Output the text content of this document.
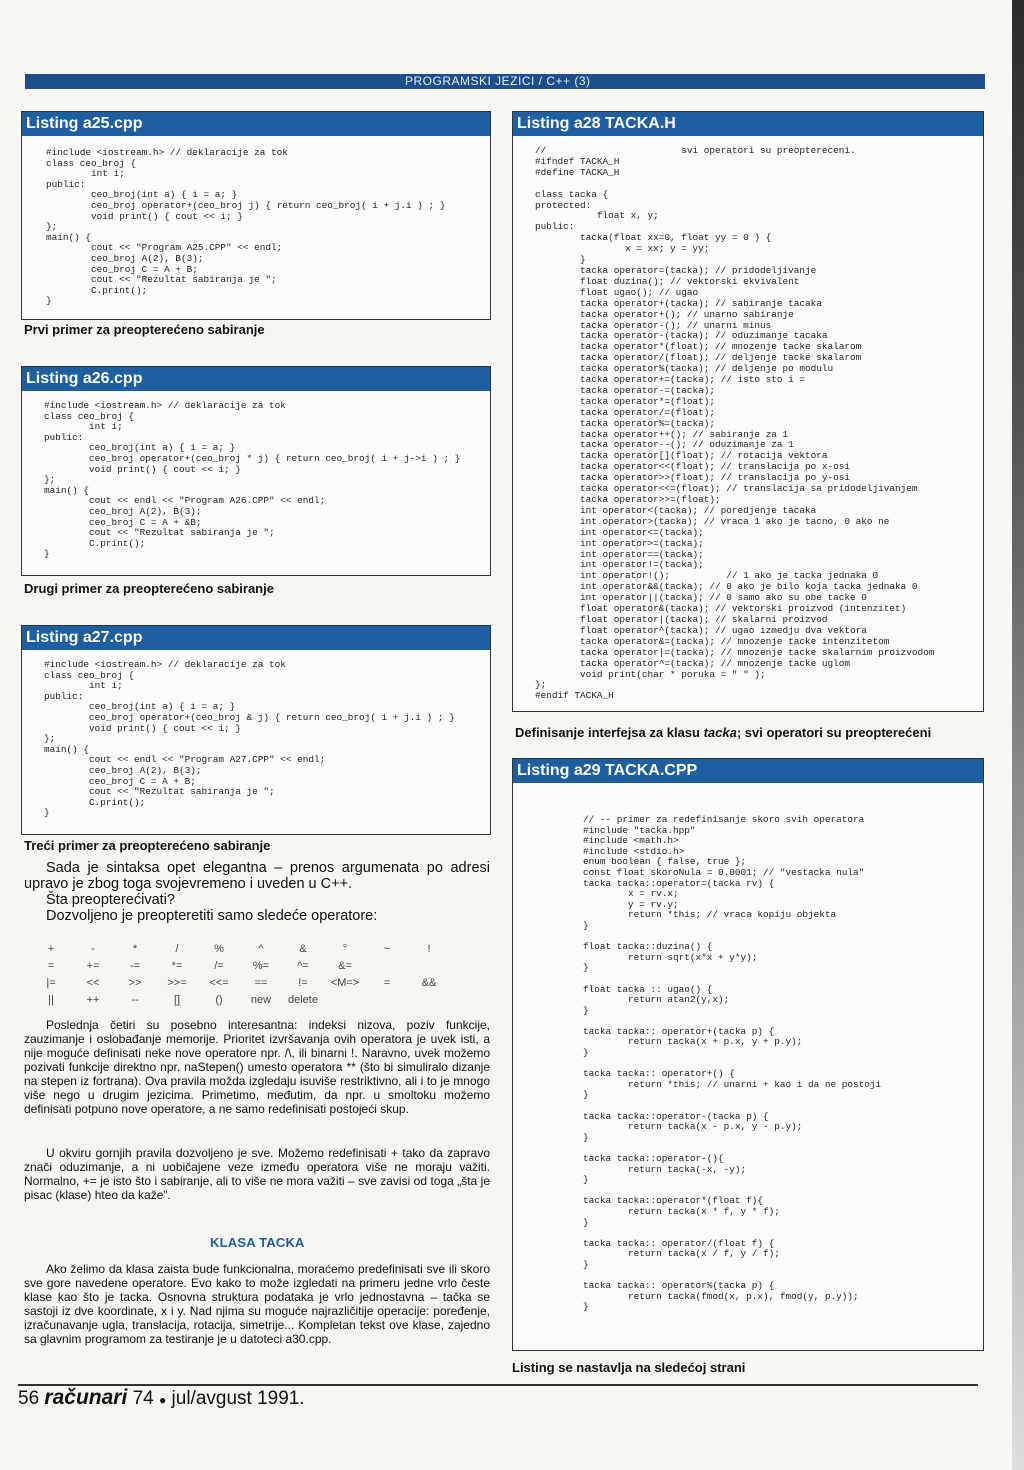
PROGRAMSKI JEZICI / C++ (3)
Listing a25.cpp
#include <iostream.h> // deklaracije za tok
class ceo_broj {
int i;
public:
ceo_broj(int a) { i = a; }
ceo_broj operator+(ceo_broj j) { return ceo_broj( i + j.i ) ; }
void print() { cout << i; }
};
main() {
cout << "Program A25.CPP" << endl;
ceo_broj A(2), B(3);
ceo_broj C = A + B;
cout << "Rezultat sabiranja je ";
C.print();
}
Prvi primer za preopterećeno sabiranje
Listing a26.cpp
#include <iostream.h> // deklaracije za tok
class ceo_broj {
int i;
public:
ceo_broj(int a) { i = a; }
ceo_broj operator+(ceo_broj * j) { return ceo_broj( i + j->i ) ; }
void print() { cout << i; }
};
main() {
cout << endl << "Program A26.CPP" << endl;
ceo_broj A(2), B(3);
ceo_broj C = A + &B;
cout << "Rezultat sabiranja je ";
C.print();
}
Drugi primer za preopterećeno sabiranje
Listing a27.cpp
#include <iostream.h> // deklaracije za tok
class ceo_broj {
int i;
public:
ceo_broj(int a) { i = a; }
ceo_broj operator+(ceo_broj & j) { return ceo_broj( i + j.i ) ; }
void print() { cout << i; }
};
main() {
cout << endl << "Program A27.CPP" << endl;
ceo_broj A(2), B(3);
ceo_broj C = A + B;
cout << "Rezultat sabiranja je ";
C.print();
}
Treći primer za preopterećeno sabiranje
Sada je sintaksa opet elegantna – prenos argumenata po adresi upravo je zbog toga svojevremeno i uveden u C++.
Šta preopterećivati?
Dozvoljeno je preopteretiti samo sledeće operatore:
+	-	*	/	%	^	&	°	~	!
=	+=	-=	*=	/=	%=	^=	&=		
|=	<<	>>	>>=	<<=	==	!=	<M=>	=	&&
||	++	--	[]	()	new	delete			

Poslednja četiri su posebno interesantna: indeksi nizova, poziv funkcije, zauzimanje i oslobađanje memorije. Prioritet izvršavanja ovih operatora je uvek isti, a nije moguće definisati neke nove operatore npr. /\, ili binarni !. Naravno, uvek možemo pozivati funkcije direktno npr. naStepen() umesto operatora ** (što bi simuliralo dizanje na stepen iz fortrana). Ova pravila možda izgledaju isuviše restriktivno, ali i to je mnogo više nego u drugim jezicima. Primetimo, međutim, da npr. u smoltoku možemo definisati potpuno nove operatore, a ne samo redefinisati postojeći skup.

U okviru gornjih pravila dozvoljeno je sve. Možemo redefinisati + tako da zapravo znači oduzimanje, a ni uobičajene veze između operatora više ne moraju važiti. Normalno, += je isto što i sabiranje, ali to više ne mora važiti – sve zavisi od toga „šta je pisac (klase) hteo da kaže”.

KLASA TACKA

Ako želimo da klasa zaista bude funkcionalna, moraćemo predefinisati sve ili skoro sve gore navedene operatore. Evo kako to može izgledati na primeru jedne vrlo česte klase kao što je tacka. Osnovna struktura podataka je vrlo jednostavna – tačka se sastoji iz dve koordinate, x i y. Nad njima su moguće najrazličitije operacije: poređenje, izračunavanje ugla, translacija, rotacija, simetrije... Kompletan tekst ove klase, zajedno sa glavnim programom za testiranje je u datoteci a30.cpp.

Listing a28 TACKA.H
//                        svi operatori su preoptereceni.
#ifndef TACKA_H
#define TACKA_H

class tacka {
protected:
float x, y;
public:
tacka(float xx=0, float yy = 0 ) {
x = xx; y = yy;
}
tacka operator=(tacka); // pridodeljivanje
float duzina(); // vektorski ekvivalent
float ugao(); // ugao
tacka operator+(tacka); // sabiranje tacaka
tacka operator+(); // unarno sabiranje
tacka operator-(); // unarni minus
tacka operator-(tacka); // oduzimanje tacaka
tacka operator*(float); // mnozenje tacke skalarom
tacka operator/(float); // deljenje tacke skalarom
tacka operator%(tacka); // deljenje po modulu
tacka operator+=(tacka); // isto sto i =
tacka operator-=(tacka);
tacka operator*=(float);
tacka operator/=(float);
tacka operator%=(tacka);
tacka operator++(); // sabiranje za 1
tacka operator--(); // oduzimanje za 1
tacka operator[](float); // rotacija vektora
tacka operator<<(float); // translacija po x-osi
tacka operator>>(float); // translacija po y-osi
tacka operator<<=(float); // translacija sa pridodeljivanjem
tacka operator>>=(float);
int operator<(tacka); // poredjenje tacaka
int operator>(tacka); // vraca 1 ako je tacno, 0 ako ne
int operator<=(tacka);
int operator>=(tacka);
int operator==(tacka);
int operator!=(tacka);
int operator!();          // 1 ako je tacka jednaka 0
int operator&&(tacka); // 0 ako je bilo koja tacka jednaka 0
int operator||(tacka); // 0 samo ako su obe tacke 0
float operator&(tacka); // vektorski proizvod (intenzitet)
float operator|(tacka); // skalarni proizvod
float operator^(tacka); // ugao izmedju dva vektora
tacka operator&=(tacka); // mnozenje tacke intenzitetom
tacka operator|=(tacka); // mnozenje tacke skalarnim proizvodom
tacka operator^=(tacka); // mnozenje tacke uglom
void print(char * poruka = " " );
};
#endif TACKA_H
Definisanje interfejsa za klasu tacka; svi operatori su preopterećeni
Listing a29 TACKA.CPP
// -- primer za redefinisanje skoro svih operatora
#include "tacka.hpp"
#include <math.h>
#include <stdio.h>
enum boolean { false, true };
const float skoroNula = 0.0001; // "vestacka nula"
tacka tacka::operator=(tacka rv) {
x = rv.x;
y = rv.y;
return *this; // vraca kopiju objekta
}

float tacka::duzina() {
return sqrt(x*x + y*y);
}

float tacka :: ugao() {
return atan2(y,x);
}

tacka tacka:: operator+(tacka p) {
return tacka(x + p.x, y + p.y);
}

tacka tacka:: operator+() {
return *this; // unarni + kao i da ne postoji
}

tacka tacka::operator-(tacka p) {
return tacka(x - p.x, y - p.y);
}

tacka tacka::operator-(){
return tacka(-x, -y);
}

tacka tacka::operator*(float f){
return tacka(x * f, y * f);
}

tacka tacka:: operator/(float f) {
return tacka(x / f, y / f);
}

tacka tacka:: operator%(tacka p) {
return tacka(fmod(x, p.x), fmod(y, p.y));
}
Listing se nastavlja na sledećoj strani
56 računari 74 ● jul/avgust 1991.
